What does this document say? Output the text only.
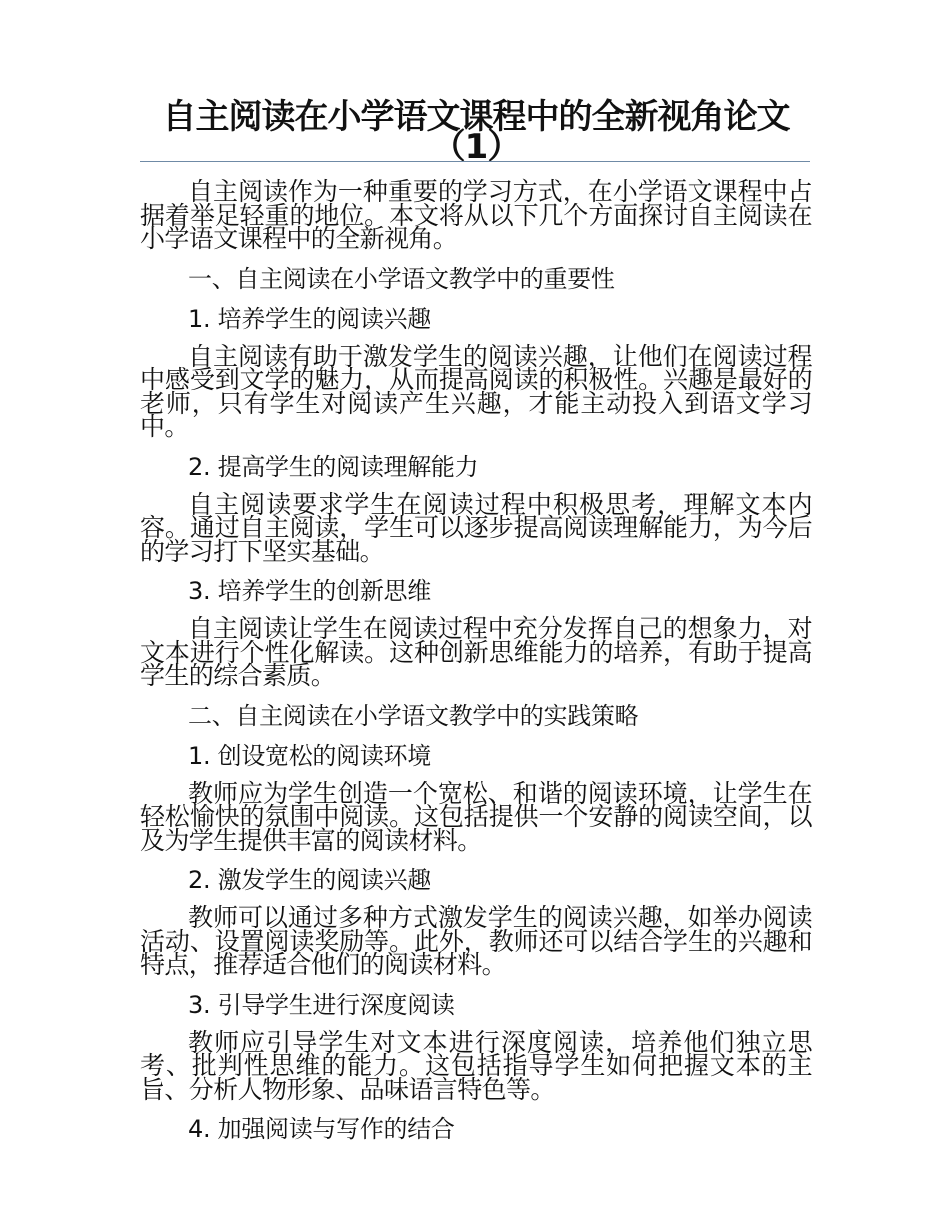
自主阅读在小学语文课程中的全新视角论文（1）

自主阅读作为一种重要的学习方式，在小学语文课程中占据着举足轻重的地位。本文将从以下几个方面探讨自主阅读在小学语文课程中的全新视角。

一、自主阅读在小学语文教学中的重要性

1. 培养学生的阅读兴趣

自主阅读有助于激发学生的阅读兴趣，让他们在阅读过程中感受到文学的魅力，从而提高阅读的积极性。兴趣是最好的老师，只有学生对阅读产生兴趣，才能主动投入到语文学习中。

2. 提高学生的阅读理解能力

自主阅读要求学生在阅读过程中积极思考，理解文本内容。通过自主阅读，学生可以逐步提高阅读理解能力，为今后的学习打下坚实基础。

3. 培养学生的创新思维

自主阅读让学生在阅读过程中充分发挥自己的想象力，对文本进行个性化解读。这种创新思维能力的培养，有助于提高学生的综合素质。

二、自主阅读在小学语文教学中的实践策略

1. 创设宽松的阅读环境

教师应为学生创造一个宽松、和谐的阅读环境，让学生在轻松愉快的氛围中阅读。这包括提供一个安静的阅读空间，以及为学生提供丰富的阅读材料。

2. 激发学生的阅读兴趣

教师可以通过多种方式激发学生的阅读兴趣，如举办阅读活动、设置阅读奖励等。此外，教师还可以结合学生的兴趣和特点，推荐适合他们的阅读材料。

3. 引导学生进行深度阅读

教师应引导学生对文本进行深度阅读，培养他们独立思考、批判性思维的能力。这包括指导学生如何把握文本的主旨、分析人物形象、品味语言特色等。

4. 加强阅读与写作的结合
